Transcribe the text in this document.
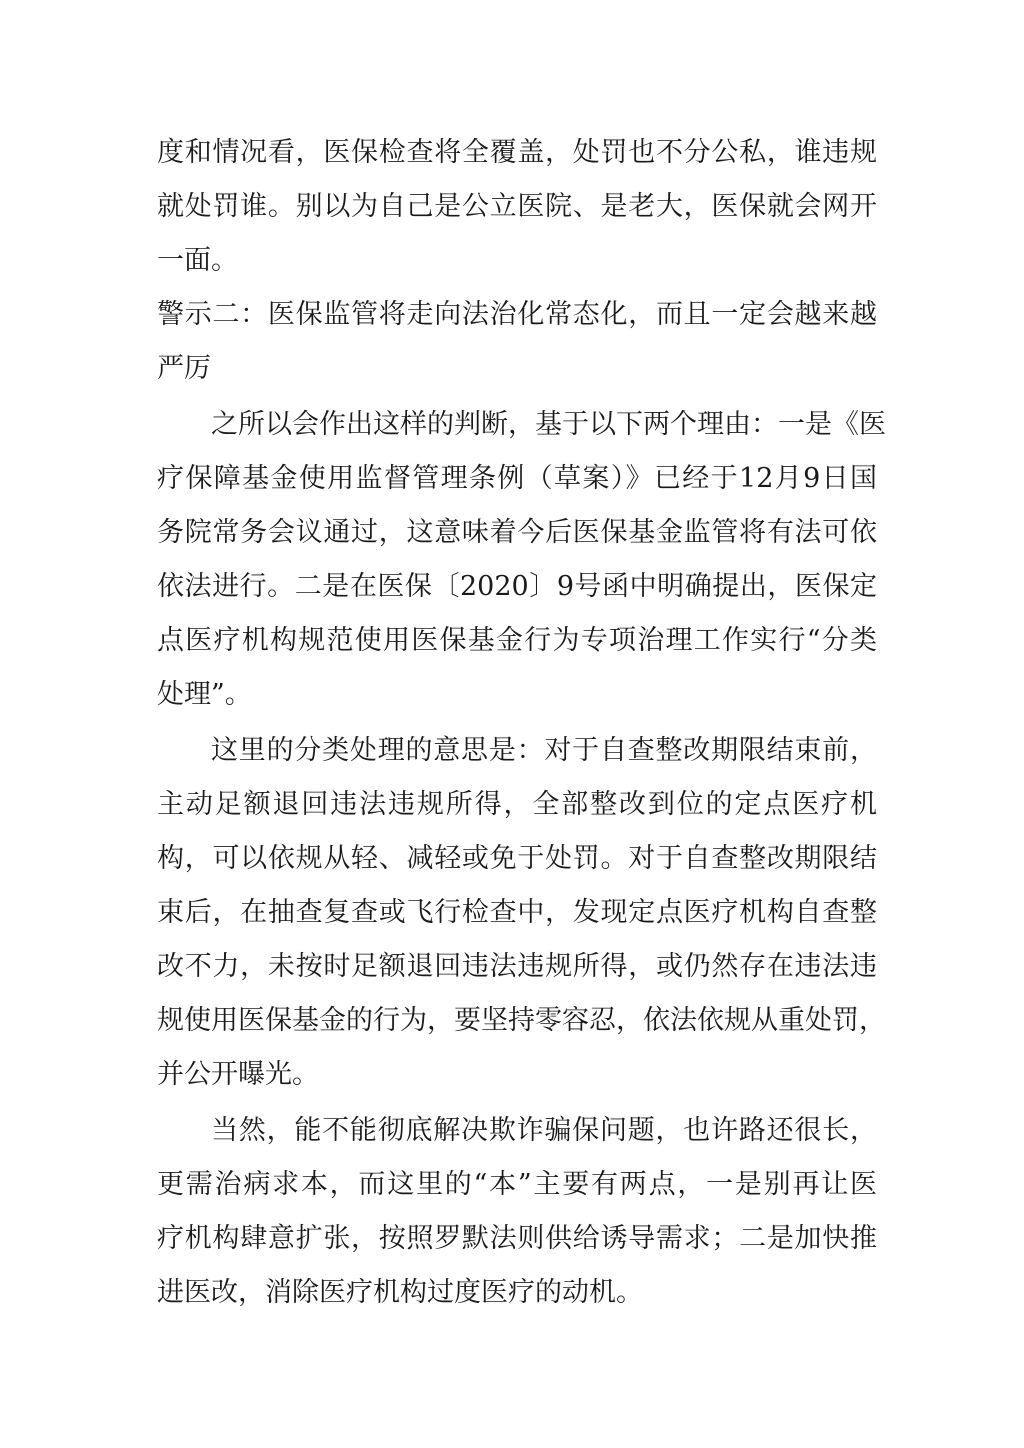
度和情况看，医保检查将全覆盖，处罚也不分公私，谁违规
就处罚谁。别以为自己是公立医院、是老大，医保就会网开
一面。
警示二：医保监管将走向法治化常态化，而且一定会越来越
严厉
之所以会作出这样的判断，基于以下两个理由：一是《医
疗保障基金使用监督管理条例（草案）》已经于12月9日国
务院常务会议通过，这意味着今后医保基金监管将有法可依
依法进行。二是在医保〔2020〕9号函中明确提出，医保定
点医疗机构规范使用医保基金行为专项治理工作实行“分类
处理”。
这里的分类处理的意思是：对于自查整改期限结束前，
主动足额退回违法违规所得，全部整改到位的定点医疗机
构，可以依规从轻、减轻或免于处罚。对于自查整改期限结
束后，在抽查复查或飞行检查中，发现定点医疗机构自查整
改不力，未按时足额退回违法违规所得，或仍然存在违法违
规使用医保基金的行为，要坚持零容忍，依法依规从重处罚，
并公开曝光。
当然，能不能彻底解决欺诈骗保问题，也许路还很长，
更需治病求本，而这里的“本”主要有两点，一是别再让医
疗机构肆意扩张，按照罗默法则供给诱导需求；二是加快推
进医改，消除医疗机构过度医疗的动机。
